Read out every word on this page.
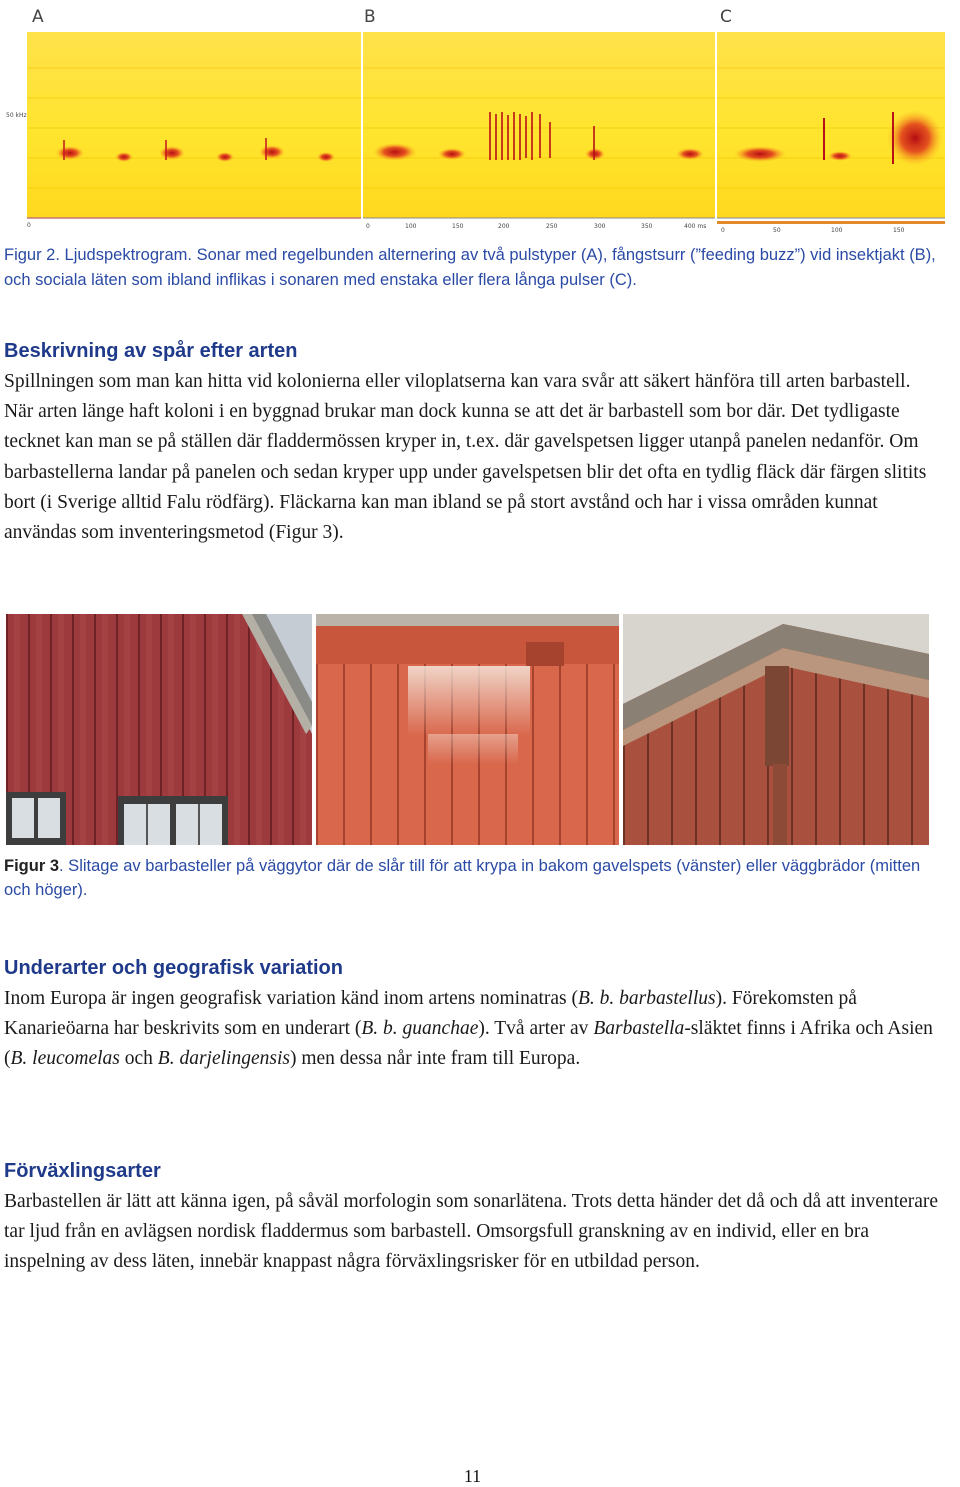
A	B	C
50 kHz
0	0	100	150	200	250	300	350	400 ms
0	50	100	150
Figur 2. Ljudspektrogram. Sonar med regelbunden alternering av två pulstyper (A), fångstsurr (”feeding buzz”) vid insektjakt (B), och sociala läten som ibland inflikas i sonaren med enstaka eller flera långa pulser (C).
Beskrivning av spår efter arten

Spillningen som man kan hitta vid kolonierna eller viloplatserna kan vara svår att säkert hänföra till arten barbastell. När arten länge haft koloni i en byggnad brukar man dock kunna se att det är barbastell som bor där. Det tydligaste tecknet kan man se på ställen där fladdermössen kryper in, t.ex. där gavelspetsen ligger utanpå panelen nedanför. Om barbastellerna landar på panelen och sedan kryper upp under gavelspetsen blir det ofta en tydlig fläck där färgen slitits bort (i Sverige alltid Falu rödfärg). Fläckarna kan man ibland se på stort avstånd och har i vissa områden kunnat användas som inventeringsmetod (Figur 3).

Figur 3. Slitage av barbasteller på väggytor där de slår till för att krypa in bakom gavelspets (vänster) eller väggbrädor (mitten och höger).
Underarter och geografisk variation

Inom Europa är ingen geografisk variation känd inom artens nominatras (B. b. barbastellus). Förekomsten på Kanarieöarna har beskrivits som en underart (B. b. guanchae). Två arter av Barbastella-släktet finns i Afrika och Asien (B. leucomelas och B. darjelingensis) men dessa når inte fram till Europa.

Förväxlingsarter

Barbastellen är lätt att känna igen, på såväl morfologin som sonarlätena. Trots detta händer det då och då att inventerare tar ljud från en avlägsen nordisk fladdermus som barbastell. Omsorgsfull granskning av en individ, eller en bra inspelning av dess läten, innebär knappast några förväxlingsrisker för en utbildad person.

11
